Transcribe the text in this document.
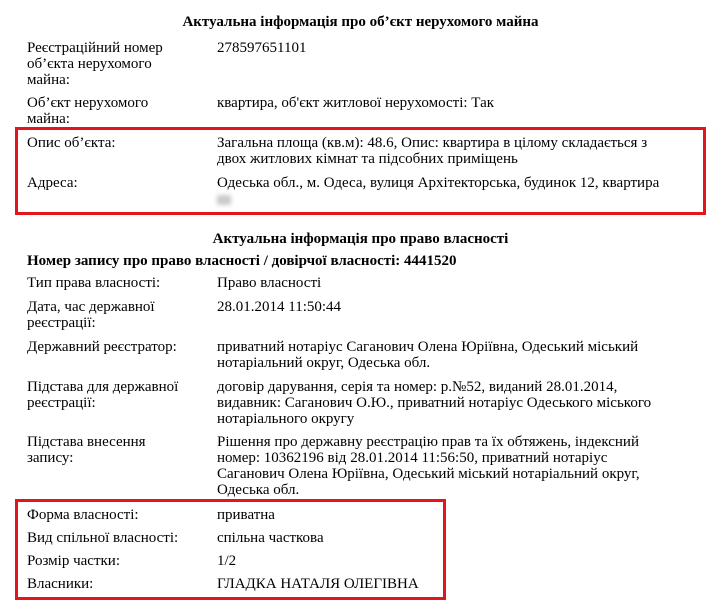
Актуальна інформація про об’єкт нерухомого майна
Реєстраційний номер
об’єкта нерухомого
майна:
278597651101
Об’єкт нерухомого
майна:
квартира, об'єкт житлової нерухомості: Так
Опис об’єкта:	Загальна площа (кв.м): 48.6, Опис: квартира в цілому складається з
двох житлових кімнат та підсобних приміщень
Адреса:	Одеська обл., м. Одеса, вулиця Архітекторська, будинок 12, квартира
Актуальна інформація про право власності
Номер запису про право власності / довірчої власності: 4441520
Тип права власності:	Право власності
Дата, час державної
реєстрації:
28.01.2014 11:50:44
Державний реєстратор:	приватний нотаріус Саганович Олена Юріївна, Одеський міський
нотаріальний округ, Одеська обл.
Підстава для державної
реєстрації:
договір дарування, серія та номер: р.№52, виданий 28.01.2014,
видавник: Саганович О.Ю., приватний нотаріус Одеського міського
нотаріального округу
Підстава внесення
запису:
Рішення про державну реєстрацію прав та їх обтяжень, індексний
номер: 10362196 від 28.01.2014 11:56:50, приватний нотаріус
Саганович Олена Юріївна, Одеський міський нотаріальний округ,
Одеська обл.
Форма власності:	приватна
Вид спільної власності:	спільна часткова
Розмір частки:	1/2
Власники:	ГЛАДКА НАТАЛЯ ОЛЕГІВНА
